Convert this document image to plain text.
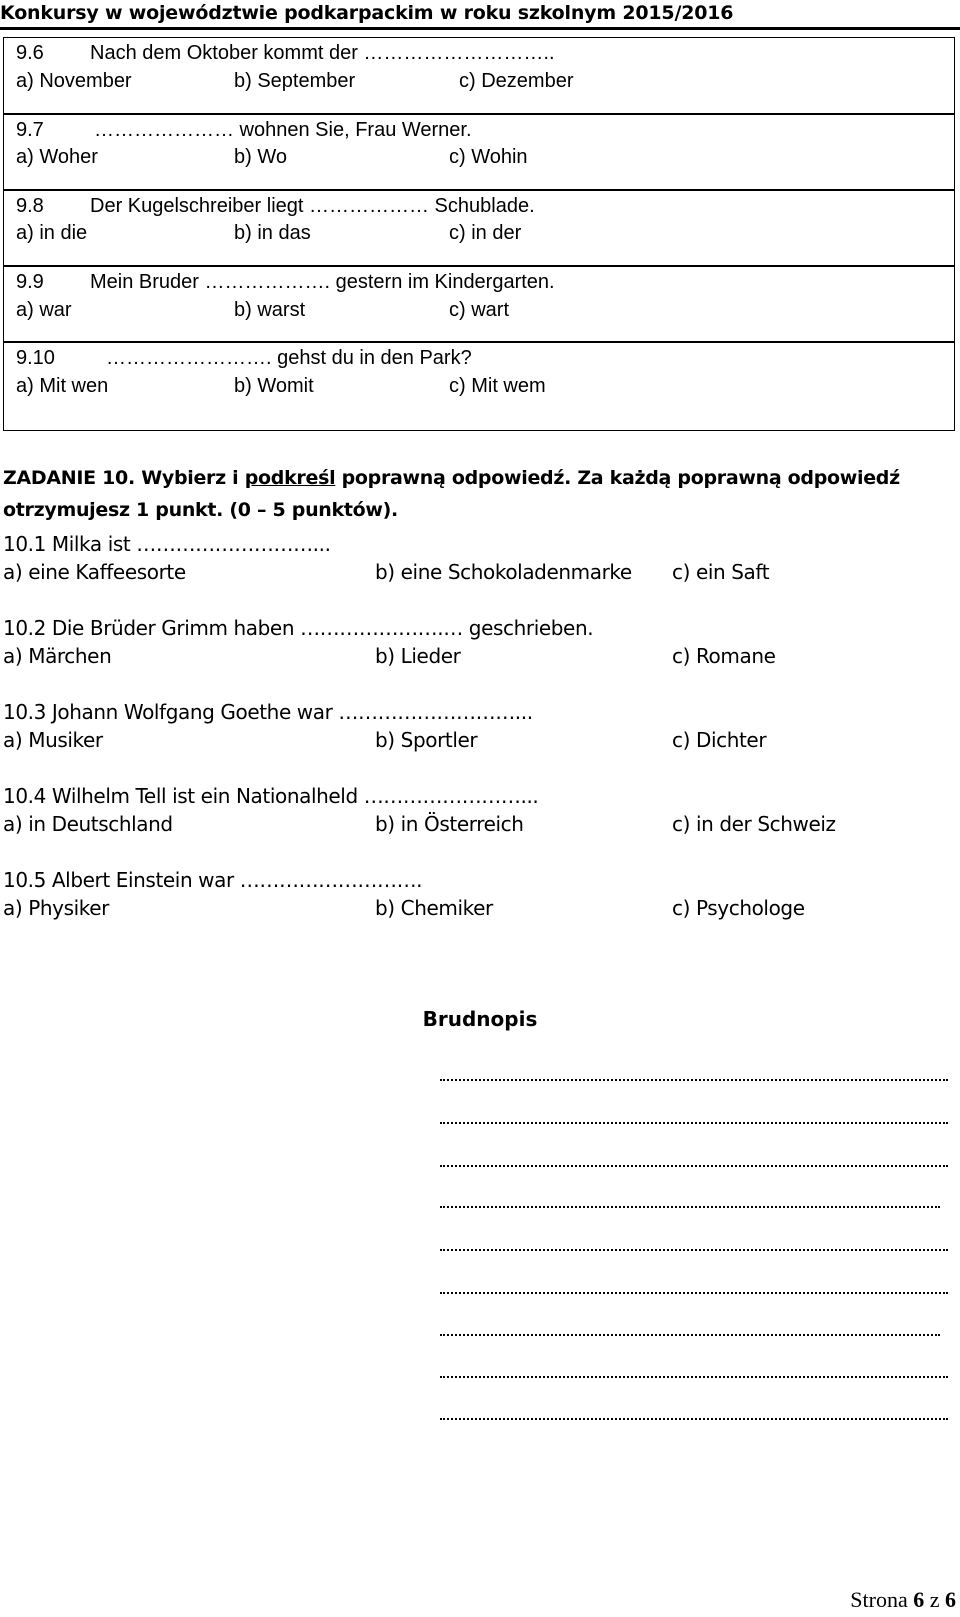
Konkursy w województwie podkarpackim w roku szkolnym 2015/2016
9.6 Nach dem Oktober kommt der ………………………..
a) November	b) September	c) Dezember
9.7	………………… wohnen Sie, Frau Werner.
a) Woher	b) Wo	c) Wohin
9.8 Der Kugelschreiber liegt ……………… Schublade.
a) in die	b) in das	c) in der
9.9 Mein Bruder ………………. gestern im Kindergarten.
a) war	b) warst	c) wart
9.10	……………………. gehst du in den Park?
a) Mit wen	b) Womit	c) Mit wem
ZADANIE 10. Wybierz i podkreśl poprawną odpowiedź. Za każdą poprawną odpowiedź otrzymujesz 1 punkt. (0 – 5 punktów).
10.1 Milka ist ………………………...
a) eine Kaffeesorte	b) eine Schokoladenmarke c) ein Saft
10.2 Die Brüder Grimm haben ………………….… geschrieben.
a) Märchen	b) Lieder	c) Romane
10.3 Johann Wolfgang Goethe war ………………………...
a) Musiker	b) Sportler	c) Dichter
10.4 Wilhelm Tell ist ein Nationalheld ……………………...
a) in Deutschland	b) in Österreich	c) in der Schweiz
10.5 Albert Einstein war ……………………….
a) Physiker	b) Chemiker	c) Psychologe
Brudnopis
Strona 6 z 6
